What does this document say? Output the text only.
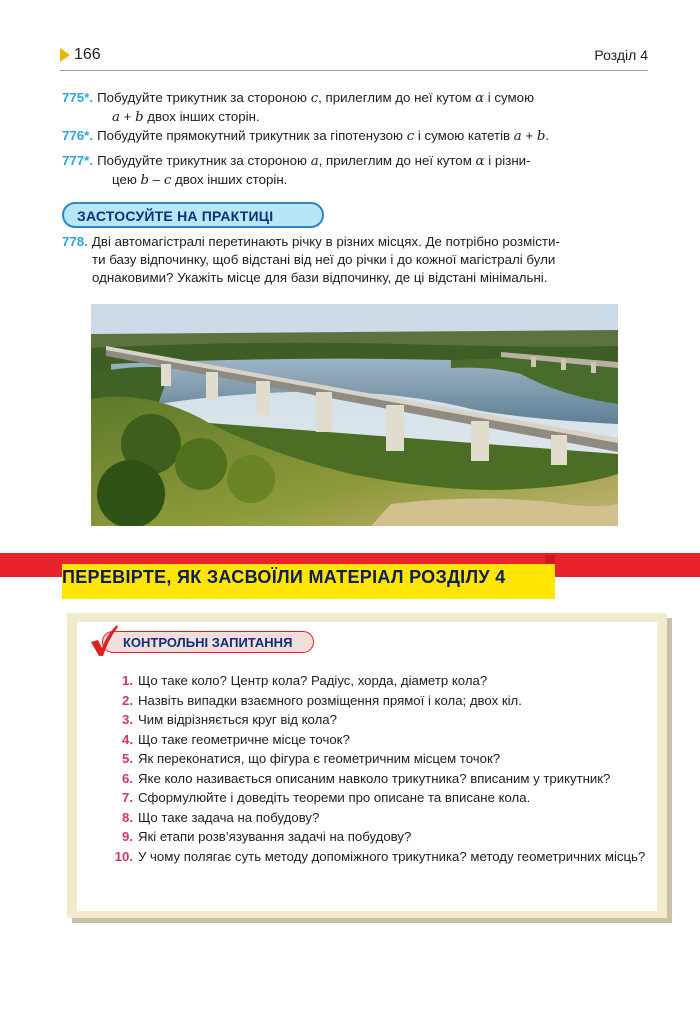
166	Розділ 4
775*. Побудуйте трикутник за стороною c, прилеглим до неї кутом α і сумою
a + b двох інших сторін.
776*. Побудуйте прямокутний трикутник за гіпотенузою c і сумою катетів a + b.
777*. Побудуйте трикутник за стороною a, прилеглим до неї кутом α і різни-
цею b – c двох інших сторін.
ЗАСТОСУЙТЕ НА ПРАКТИЦІ
778. Дві автомагістралі перетинають річку в різних місцях. Де потрібно розмісти-
ти базу відпочинку, щоб відстані від неї до річки і до кожної магістралі були
однаковими? Укажіть місце для бази відпочинку, де ці відстані мінімальні.
ПЕРЕВІРТЕ, ЯК ЗАСВОЇЛИ МАТЕРІАЛ РОЗДІЛУ 4
КОНТРОЛЬНІ ЗАПИТАННЯ
1. Що таке коло? Центр кола? Радіус, хорда, діаметр кола?
2. Назвіть випадки взаємного розміщення прямої і кола; двох кіл.
3. Чим відрізняється круг від кола?
4. Що таке геометричне місце точок?
5. Як переконатися, що фігура є геометричним місцем точок?
6. Яке коло називається описаним навколо трикутника? вписаним у трикутник?
7. Сформулюйте і доведіть теореми про описане та вписане кола.
8. Що таке задача на побудову?
9. Які етапи розв’язування задачі на побудову?
10. У чому полягає суть методу допоміжного трикутника? методу геометричних місць?
